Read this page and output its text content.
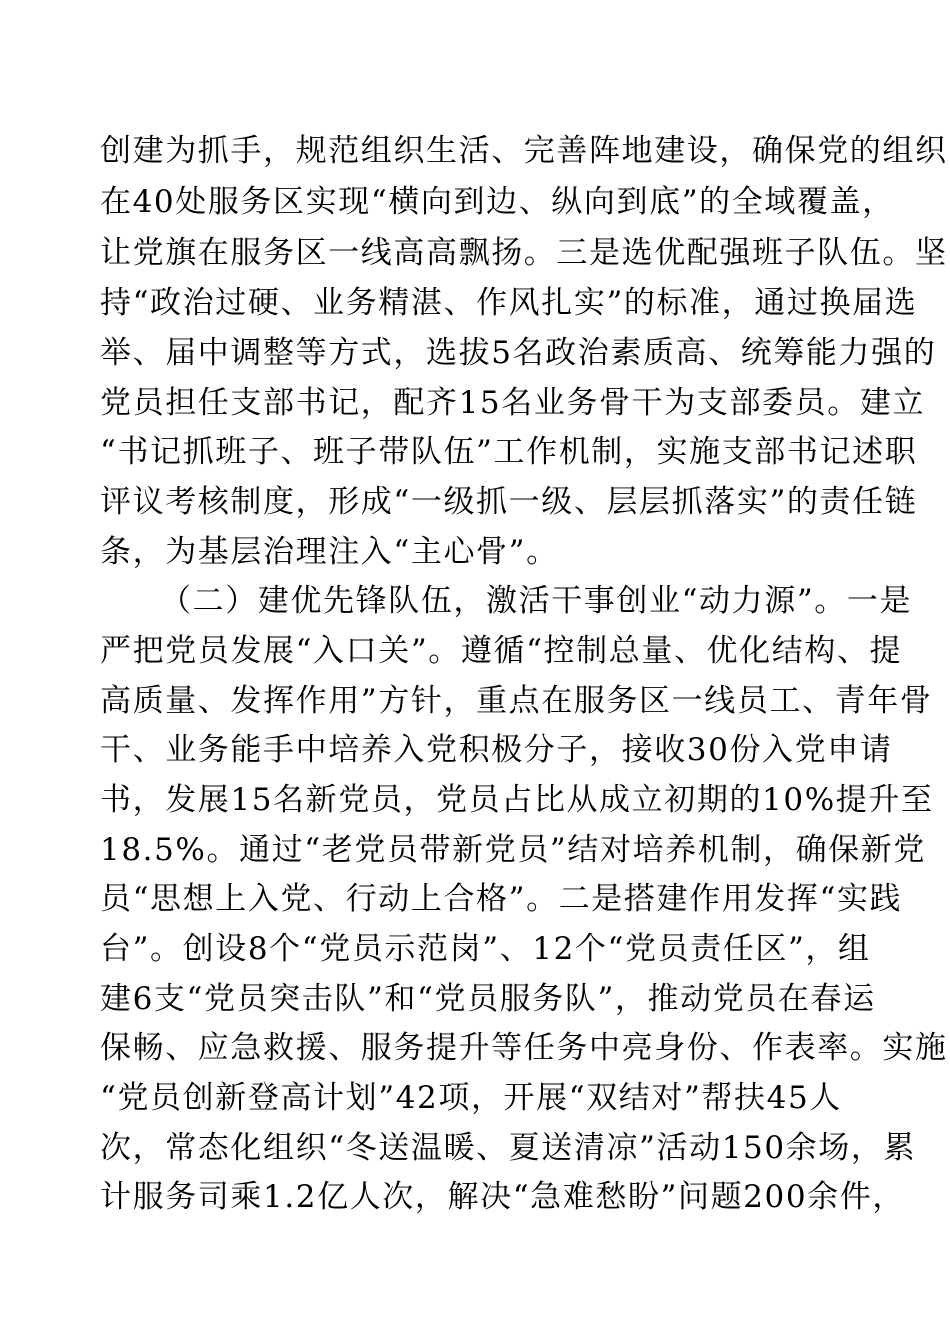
创建为抓手，规范组织生活、完善阵地建设，确保党的组织
在40处服务区实现“横向到边、纵向到底”的全域覆盖，
让党旗在服务区一线高高飘扬。三是选优配强班子队伍。坚
持“政治过硬、业务精湛、作风扎实”的标准，通过换届选
举、届中调整等方式，选拔5名政治素质高、统筹能力强的
党员担任支部书记，配齐15名业务骨干为支部委员。建立
“书记抓班子、班子带队伍”工作机制，实施支部书记述职
评议考核制度，形成“一级抓一级、层层抓落实”的责任链
条，为基层治理注入“主心骨”。
（二）建优先锋队伍，激活干事创业“动力源”。一是
严把党员发展“入口关”。遵循“控制总量、优化结构、提
高质量、发挥作用”方针，重点在服务区一线员工、青年骨
干、业务能手中培养入党积极分子，接收30份入党申请
书，发展15名新党员，党员占比从成立初期的10%提升至
18.5%。通过“老党员带新党员”结对培养机制，确保新党
员“思想上入党、行动上合格”。二是搭建作用发挥“实践
台”。创设8个“党员示范岗”、12个“党员责任区”，组
建6支“党员突击队”和“党员服务队”，推动党员在春运
保畅、应急救援、服务提升等任务中亮身份、作表率。实施
“党员创新登高计划”42项，开展“双结对”帮扶45人
次，常态化组织“冬送温暖、夏送清凉”活动150余场，累
计服务司乘1.2亿人次，解决“急难愁盼”问题200余件，
